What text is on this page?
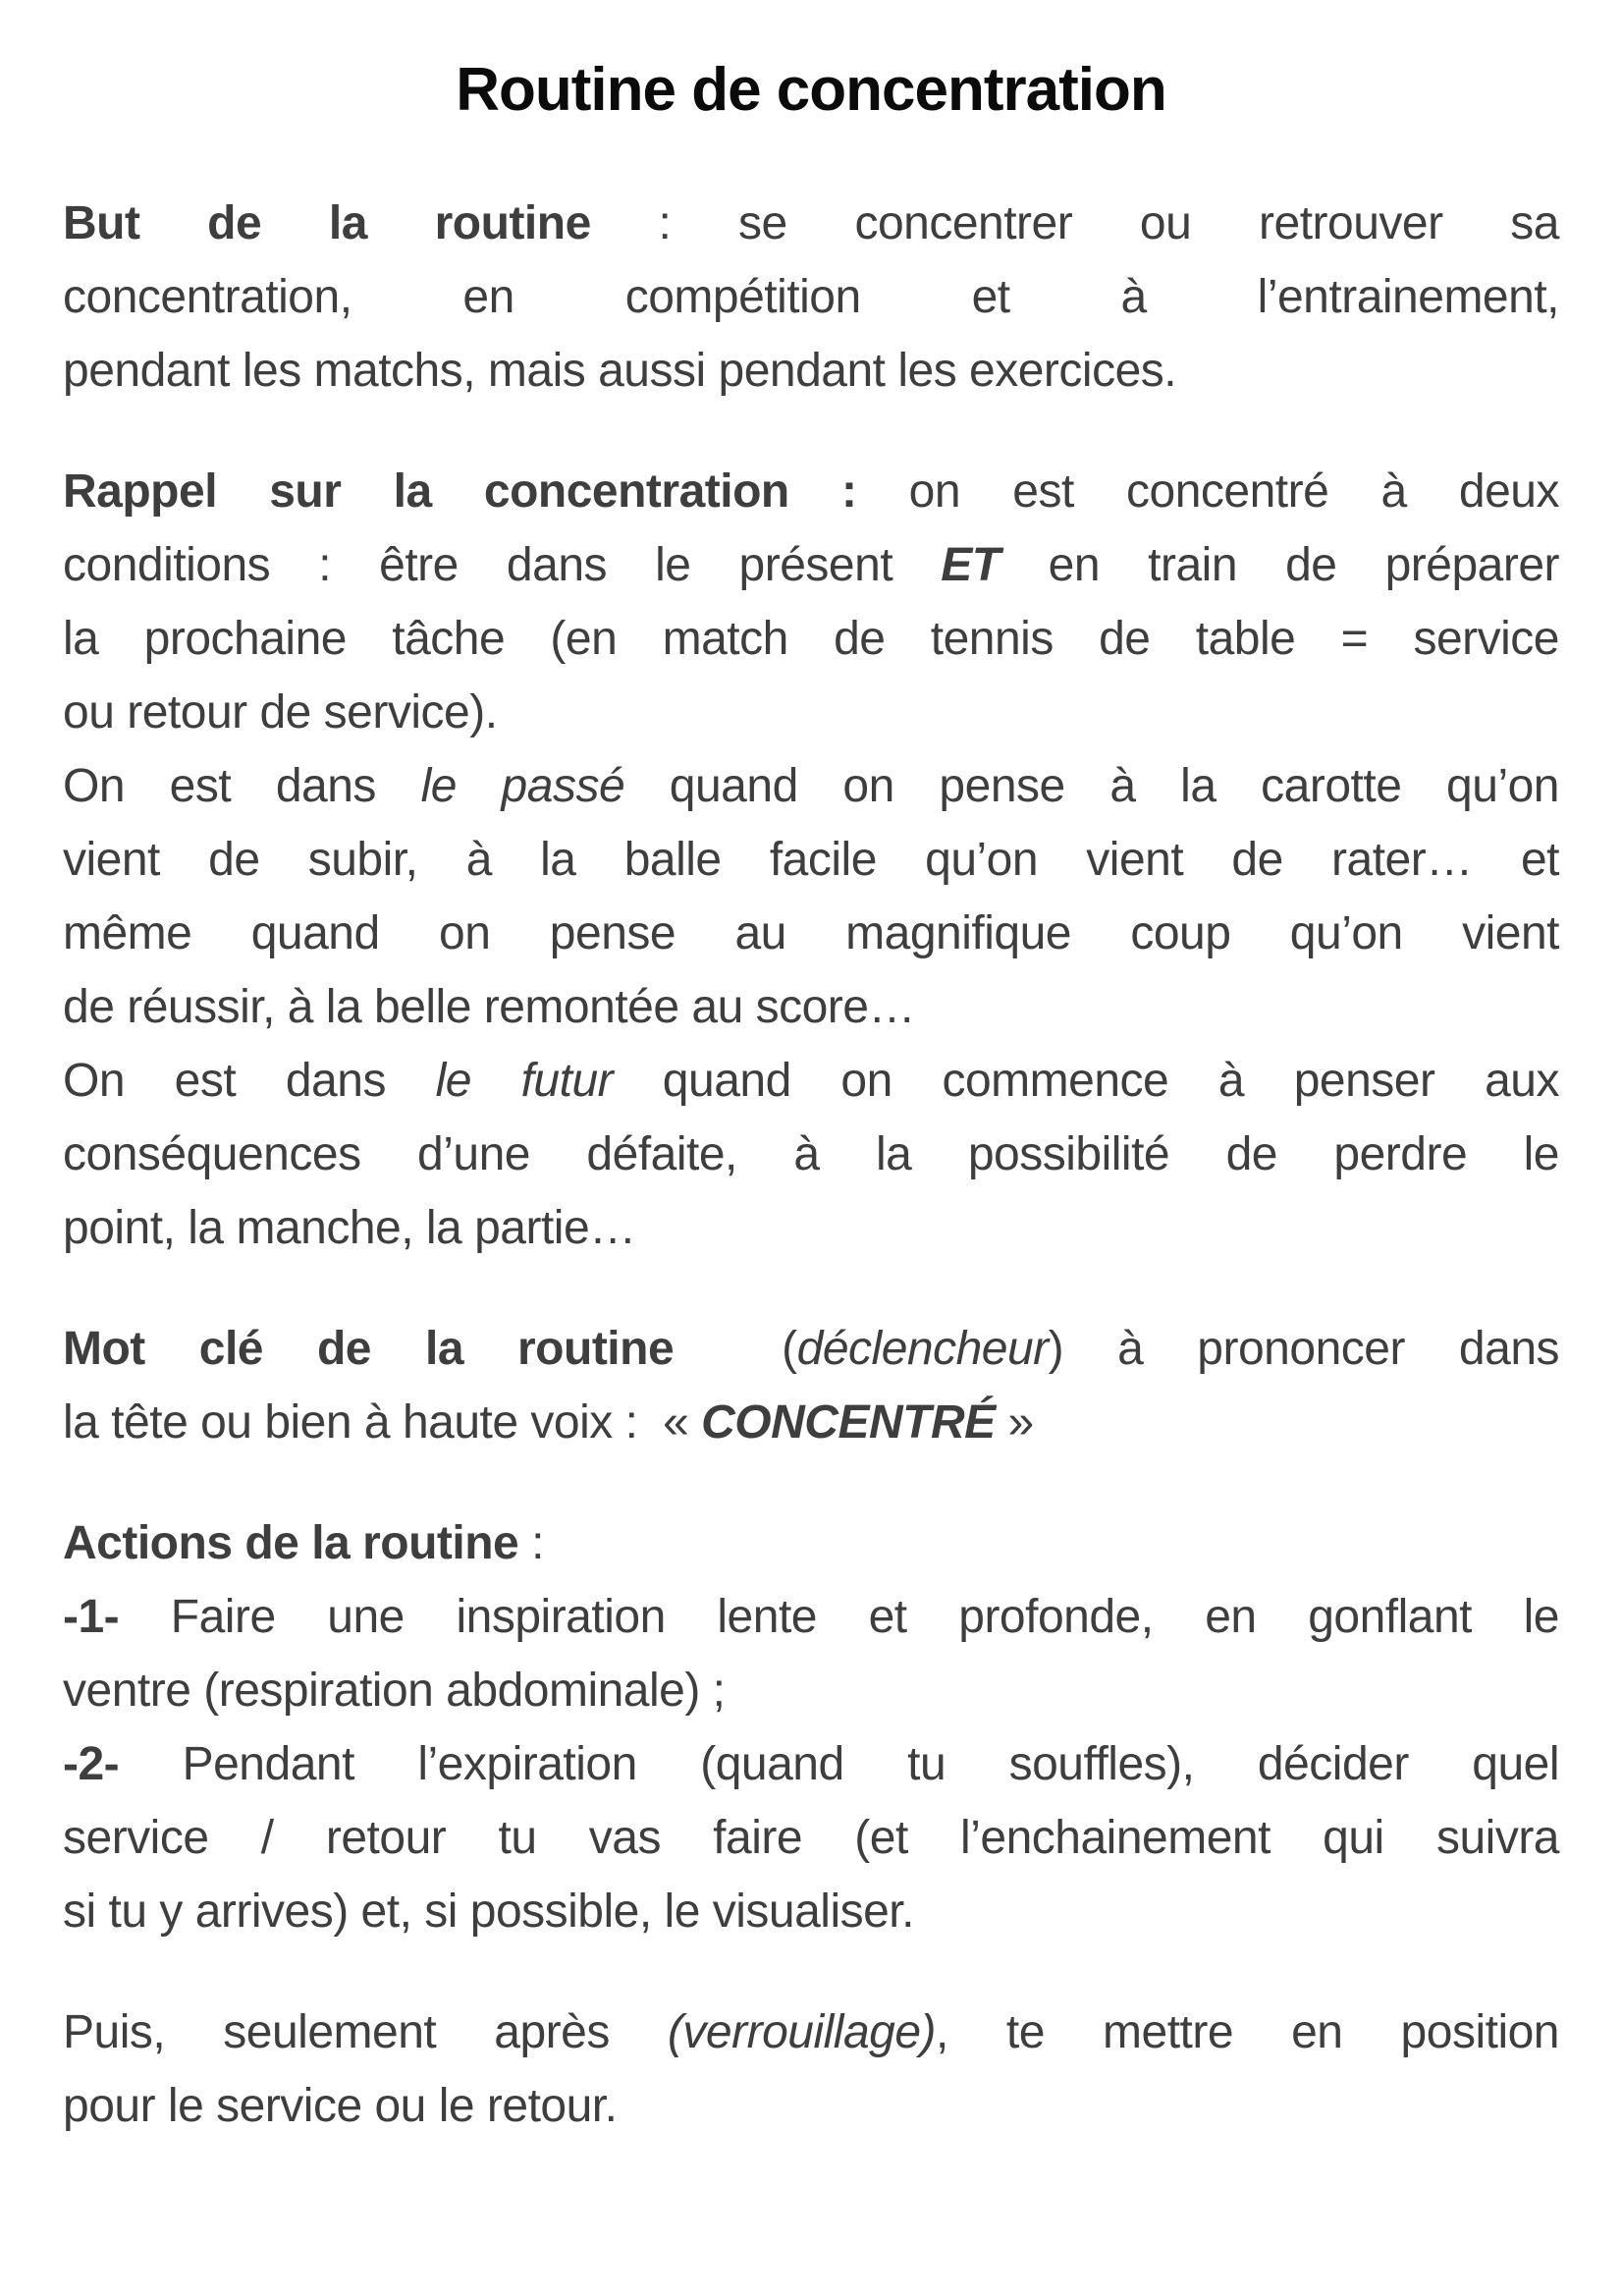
Routine de concentration
But de la routine : se concentrer ou retrouver sa
concentration, en compétition et à l’entrainement,
pendant les matchs, mais aussi pendant les exercices.
Rappel sur la concentration : on est concentré à deux
conditions : être dans le présent ET en train de préparer
la prochaine tâche (en match de tennis de table = service
ou retour de service).
On est dans le passé quand on pense à la carotte qu’on
vient de subir, à la balle facile qu’on vient de rater… et
même quand on pense au magnifique coup qu’on vient
de réussir, à la belle remontée au score…
On est dans le futur quand on commence à penser aux
conséquences d’une défaite, à la possibilité de perdre le
point, la manche, la partie…
Mot clé de la routine  (déclencheur) à prononcer dans
la tête ou bien à haute voix :  « CONCENTRÉ »
Actions de la routine :
-1- Faire une inspiration lente et profonde, en gonflant le
ventre (respiration abdominale) ;
-2- Pendant l’expiration (quand tu souffles), décider quel
service / retour tu vas faire (et l’enchainement qui suivra
si tu y arrives) et, si possible, le visualiser.
Puis, seulement après (verrouillage), te mettre en position
pour le service ou le retour.
